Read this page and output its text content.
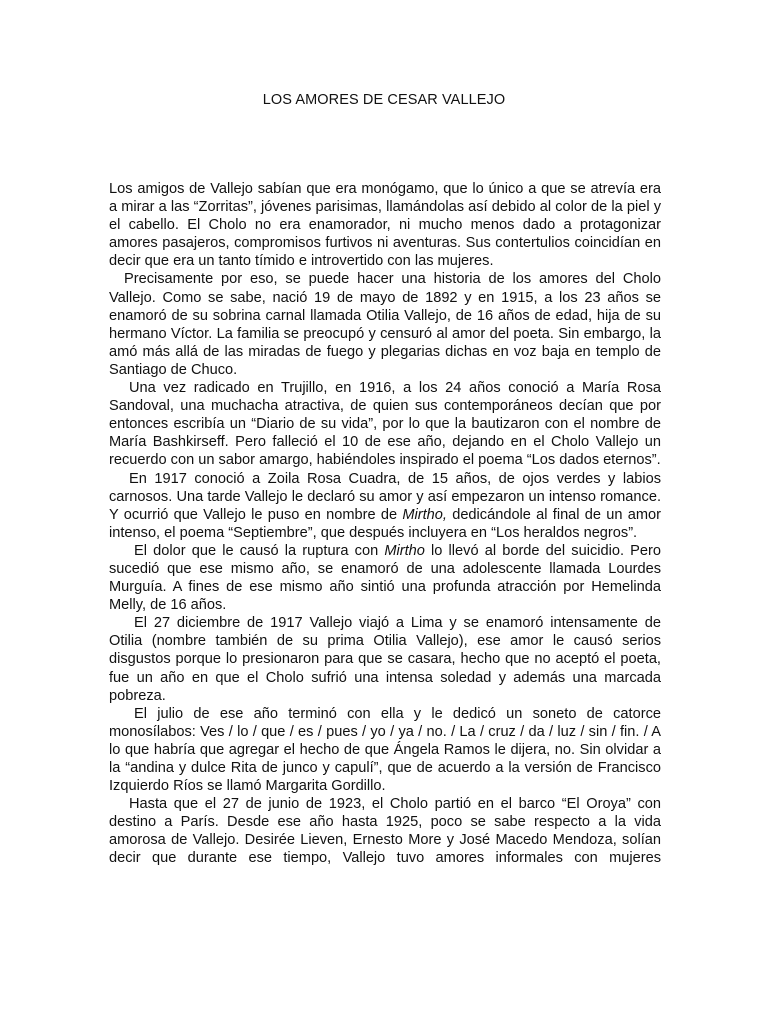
LOS AMORES DE CESAR VALLEJO

Los amigos de Vallejo sabían que era monógamo, que lo único a que se atrevía era a mirar a las “Zorritas”, jóvenes parisimas, llamándolas así debido al color de la piel y el cabello. El Cholo no era enamorador, ni mucho menos dado a protagonizar amores pasajeros, compromisos furtivos ni aventuras. Sus contertulios coincidían en decir que era un tanto tímido e introvertido con las mujeres.

Precisamente por eso, se puede hacer una historia de los amores del Cholo Vallejo. Como se sabe, nació 19 de mayo de 1892 y en 1915, a los 23 años se enamoró de su sobrina carnal llamada Otilia Vallejo, de 16 años de edad, hija de su hermano Víctor. La familia se preocupó y censuró al amor del poeta. Sin embargo, la amó más allá de las miradas de fuego y plegarias dichas en voz baja en templo de Santiago de Chuco.

Una vez radicado en Trujillo, en 1916, a los 24 años conoció a María Rosa Sandoval, una muchacha atractiva, de quien sus contemporáneos decían que por entonces escribía un “Diario de su vida”, por lo que la bautizaron con el nombre de María Bashkirseff. Pero falleció el 10 de ese año, dejando en el Cholo Vallejo un recuerdo con un sabor amargo, habiéndoles inspirado el poema “Los dados eternos”.

En 1917 conoció a Zoila Rosa Cuadra, de 15 años, de ojos verdes y labios carnosos. Una tarde Vallejo le declaró su amor y así empezaron un intenso romance. Y ocurrió que Vallejo le puso en nombre de Mirtho, dedicándole al final de un amor intenso, el poema “Septiembre”, que después incluyera en “Los heraldos negros”.

El dolor que le causó la ruptura con Mirtho lo llevó al borde del suicidio. Pero sucedió que ese mismo año, se enamoró de una adolescente llamada Lourdes Murguía. A fines de ese mismo año sintió una profunda atracción por Hemelinda Melly, de 16 años.

El 27 diciembre de 1917 Vallejo viajó a Lima y se enamoró intensamente de Otilia (nombre también de su prima Otilia Vallejo), ese amor le causó serios disgustos porque lo presionaron para que se casara, hecho que no aceptó el poeta, fue un año en que el Cholo sufrió una intensa soledad y además una marcada pobreza.

El julio de ese año terminó con ella y le dedicó un soneto de catorce monosílabos: Ves / lo / que / es / pues / yo / ya / no. / La / cruz / da / luz / sin / fin. / A lo que habría que agregar el hecho de que Ángela Ramos le dijera, no. Sin olvidar a la “andina y dulce Rita de junco y capulí”, que de acuerdo a la versión de Francisco Izquierdo Ríos se llamó Margarita Gordillo.

Hasta que el 27 de junio de 1923, el Cholo partió en el barco “El Oroya” con destino a París. Desde ese año hasta 1925, poco se sabe respecto a la vida amorosa de Vallejo. Desirée Lieven, Ernesto More y José Macedo Mendoza, solían decir que durante ese tiempo, Vallejo tuvo amores informales con mujeres
